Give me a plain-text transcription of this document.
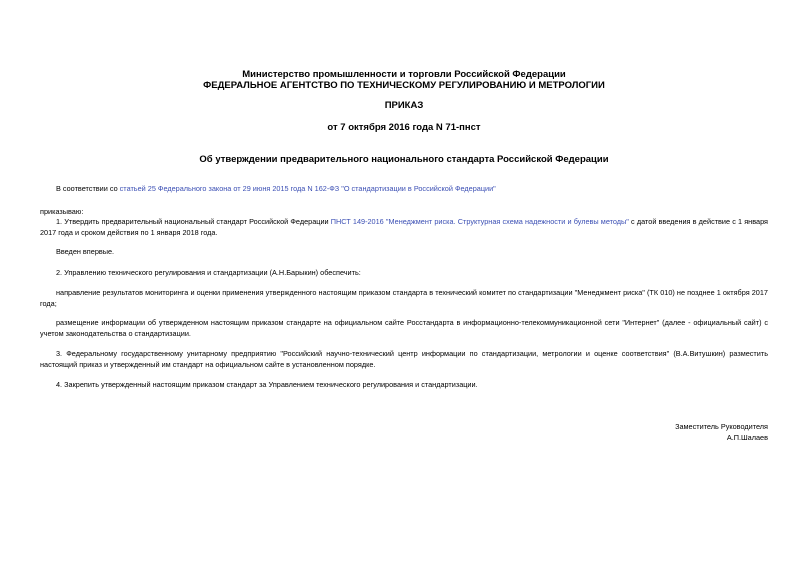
Министерство промышленности и торговли Российской Федерации
ФЕДЕРАЛЬНОЕ АГЕНТСТВО ПО ТЕХНИЧЕСКОМУ РЕГУЛИРОВАНИЮ И МЕТРОЛОГИИ
ПРИКАЗ
от 7 октября 2016 года N 71-пнст
Об утверждении предварительного национального стандарта Российской Федерации
В соответствии со статьей 25 Федерального закона от 29 июня 2015 года N 162-ФЗ "О стандартизации в Российской Федерации"
приказываю:
1. Утвердить предварительный национальный стандарт Российской Федерации ПНСТ 149-2016 "Менеджмент риска. Структурная схема надежности и булевы методы" с датой введения в действие с 1 января 2017 года и сроком действия по 1 января 2018 года.
Введен впервые.
2. Управлению технического регулирования и стандартизации (А.Н.Барыкин) обеспечить:
направление результатов мониторинга и оценки применения утвержденного настоящим приказом стандарта в технический комитет по стандартизации "Менеджмент риска" (ТК 010) не позднее 1 октября 2017 года;
размещение информации об утвержденном настоящим приказом стандарте на официальном сайте Росстандарта в информационно-телекоммуникационной сети "Интернет" (далее - официальный сайт) с учетом законодательства о стандартизации.
3. Федеральному государственному унитарному предприятию "Российский научно-технический центр информации по стандартизации, метрологии и оценке соответствия" (В.А.Витушкин) разместить настоящий приказ и утвержденный им стандарт на официальном сайте в установленном порядке.
4. Закрепить утвержденный настоящим приказом стандарт за Управлением технического регулирования и стандартизации.
Заместитель Руководителя
А.П.Шалаев
